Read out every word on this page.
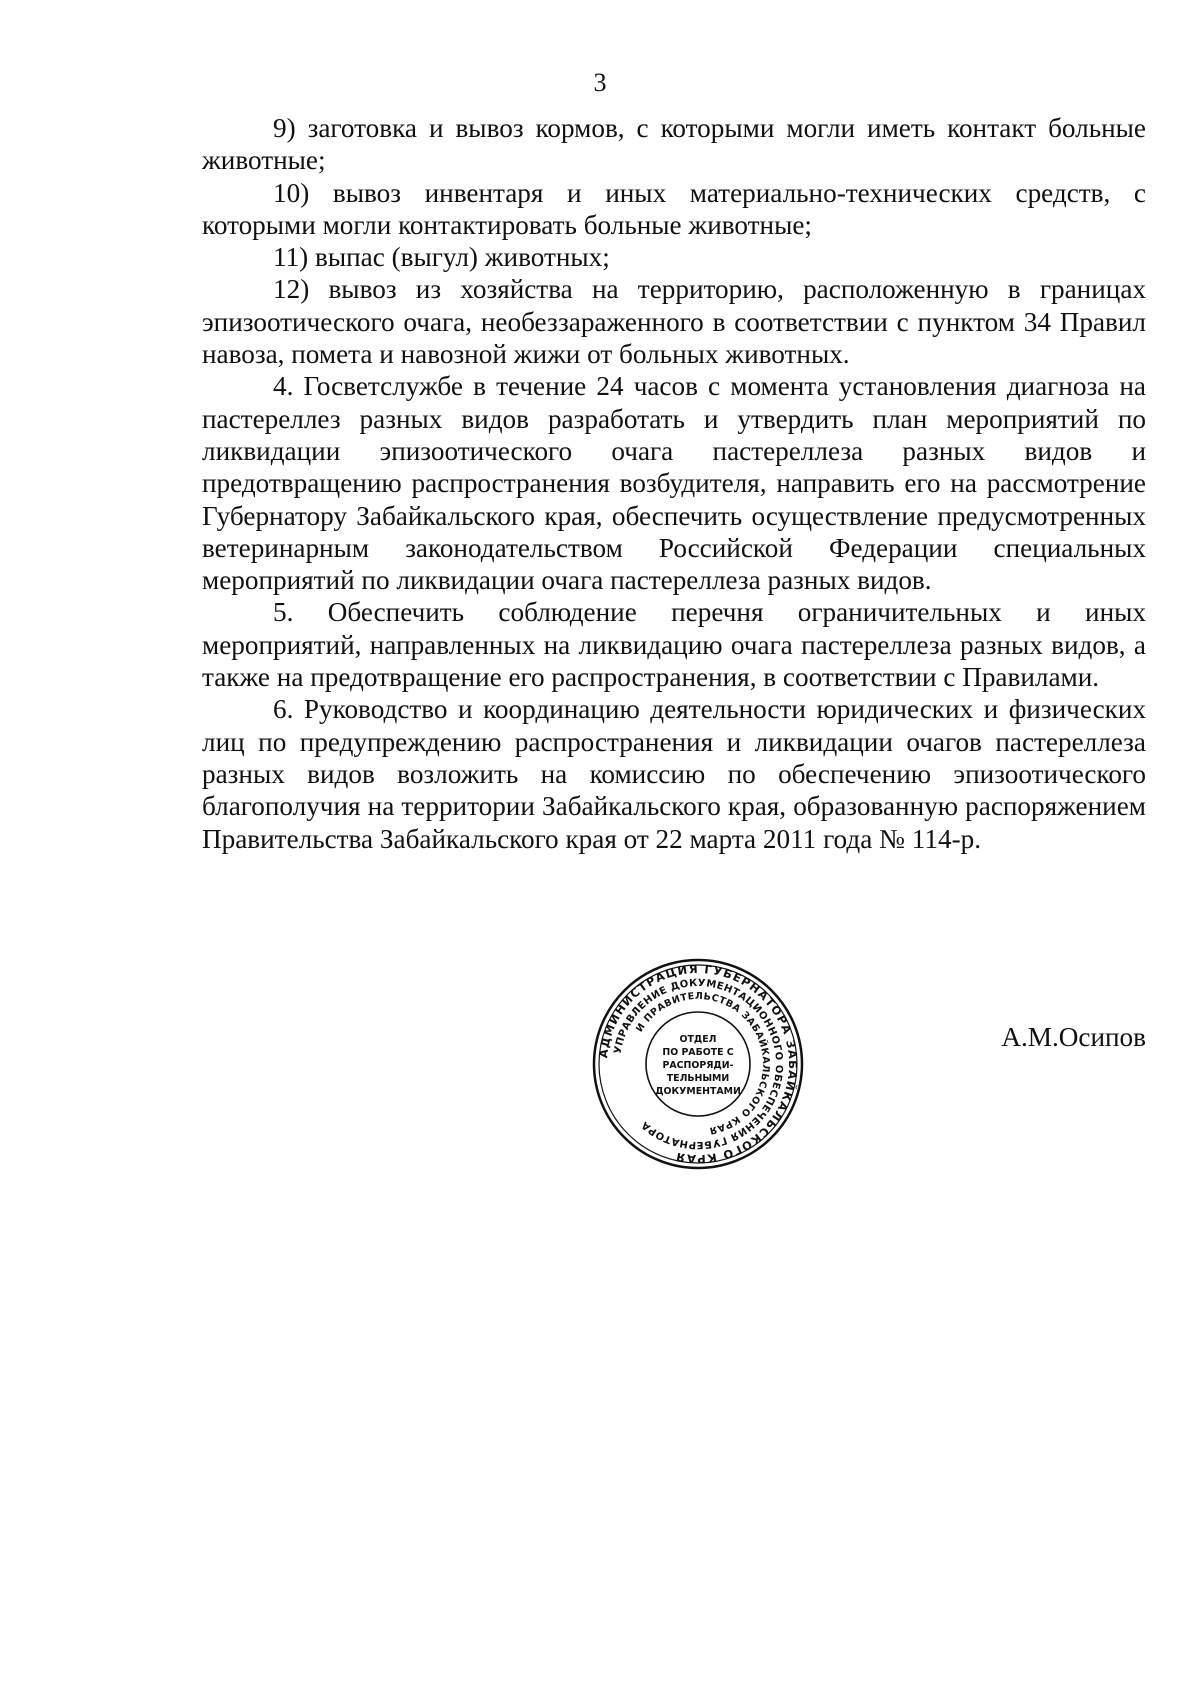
3

9) заготовка и вывоз кормов, с которыми могли иметь контакт больные животные;

10) вывоз инвентаря и иных материально-технических средств, с которыми могли контактировать больные животные;

11) выпас (выгул) животных;

12) вывоз из хозяйства на территорию, расположенную в границах эпизоотического очага, необеззараженного в соответствии с пунктом 34 Правил навоза, помета и навозной жижи от больных животных.

4. Госветслужбе в течение 24 часов с момента установления диагноза на пастереллез разных видов разработать и утвердить план мероприятий по ликвидации эпизоотического очага пастереллеза разных видов и предотвращению распространения возбудителя, направить его на рассмотрение Губернатору Забайкальского края, обеспечить осуществление предусмотренных ветеринарным законодательством Российской Федерации специальных мероприятий по ликвидации очага пастереллеза разных видов.

5. Обеспечить соблюдение перечня ограничительных и иных мероприятий, направленных на ликвидацию очага пастереллеза разных видов, а также на предотвращение его распространения, в соответствии с Правилами.

6. Руководство и координацию деятельности юридических и физических лиц по предупреждению распространения и ликвидации очагов пастереллеза разных видов возложить на комиссию по обеспечению эпизоотического благополучия на территории Забайкальского края, образованную распоряжением Правительства Забайкальского края от 22 марта 2011 года № 114-р.

АДМИНИСТРАЦИЯ ГУБЕРНАТОРА ЗАБАЙКАЛЬСКОГО КРАЯ
УПРАВЛЕНИЕ ДОКУМЕНТАЦИОННОГО ОБЕСПЕЧЕНИЯ ГУБЕРНАТОРА
И ПРАВИТЕЛЬСТВА ЗАБАЙКАЛЬСКОГО КРАЯ
ОТДЕЛ
ПО РАБОТЕ С
РАСПОРЯДИ-
ТЕЛЬНЫМИ
ДОКУМЕНТАМИ
А.М.Осипов
